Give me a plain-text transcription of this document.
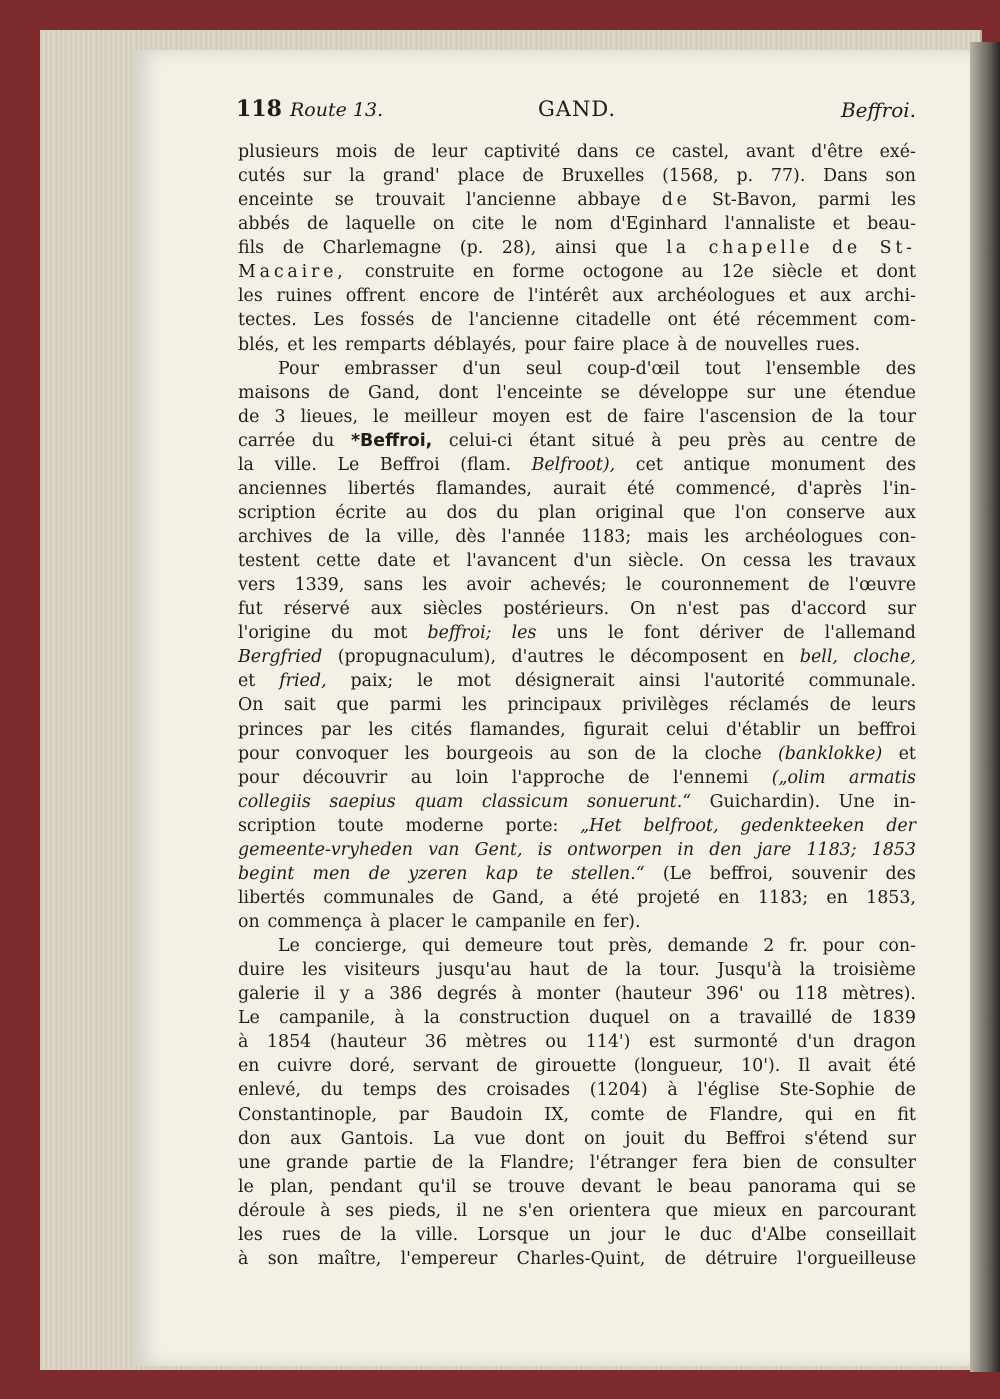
118 Route 13.	GAND.	Beffroi.
plusieurs mois de leur captivité dans ce castel, avant d'être exé-
cutés sur la grand' place de Bruxelles (1568, p. 77). Dans son
enceinte se trouvait l'ancienne abbaye de St-Bavon, parmi les
abbés de laquelle on cite le nom d'Eginhard l'annaliste et beau-
fils de Charlemagne (p. 28), ainsi que la chapelle de St-
Macaire, construite en forme octogone au 12e siècle et dont
les ruines offrent encore de l'intérêt aux archéologues et aux archi-
tectes. Les fossés de l'ancienne citadelle ont été récemment com-
blés, et les remparts déblayés, pour faire place à de nouvelles rues.
Pour embrasser d'un seul coup-d'œil tout l'ensemble des
maisons de Gand, dont l'enceinte se développe sur une étendue
de 3 lieues, le meilleur moyen est de faire l'ascension de la tour
carrée du *Beffroi, celui-ci étant situé à peu près au centre de
la ville. Le Beffroi (flam. Belfroot), cet antique monument des
anciennes libertés flamandes, aurait été commencé, d'après l'in-
scription écrite au dos du plan original que l'on conserve aux
archives de la ville, dès l'année 1183; mais les archéologues con-
testent cette date et l'avancent d'un siècle. On cessa les travaux
vers 1339, sans les avoir achevés; le couronnement de l'œuvre
fut réservé aux siècles postérieurs. On n'est pas d'accord sur
l'origine du mot beffroi; les uns le font dériver de l'allemand
Bergfried (propugnaculum), d'autres le décomposent en bell, cloche,
et fried, paix; le mot désignerait ainsi l'autorité communale.
On sait que parmi les principaux privilèges réclamés de leurs
princes par les cités flamandes, figurait celui d'établir un beffroi
pour convoquer les bourgeois au son de la cloche (banklokke) et
pour découvrir au loin l'approche de l'ennemi („olim armatis
collegiis saepius quam classicum sonuerunt.“ Guichardin). Une in-
scription toute moderne porte: „Het belfroot, gedenkteeken der
gemeente-vryheden van Gent, is ontworpen in den jare 1183; 1853
begint men de yzeren kap te stellen.“ (Le beffroi, souvenir des
libertés communales de Gand, a été projeté en 1183; en 1853,
on commença à placer le campanile en fer).
Le concierge, qui demeure tout près, demande 2 fr. pour con-
duire les visiteurs jusqu'au haut de la tour. Jusqu'à la troisième
galerie il y a 386 degrés à monter (hauteur 396' ou 118 mètres).
Le campanile, à la construction duquel on a travaillé de 1839
à 1854 (hauteur 36 mètres ou 114') est surmonté d'un dragon
en cuivre doré, servant de girouette (longueur, 10'). Il avait été
enlevé, du temps des croisades (1204) à l'église Ste-Sophie de
Constantinople, par Baudoin IX, comte de Flandre, qui en fit
don aux Gantois. La vue dont on jouit du Beffroi s'étend sur
une grande partie de la Flandre; l'étranger fera bien de consulter
le plan, pendant qu'il se trouve devant le beau panorama qui se
déroule à ses pieds, il ne s'en orientera que mieux en parcourant
les rues de la ville. Lorsque un jour le duc d'Albe conseillait
à son maître, l'empereur Charles-Quint, de détruire l'orgueilleuse
